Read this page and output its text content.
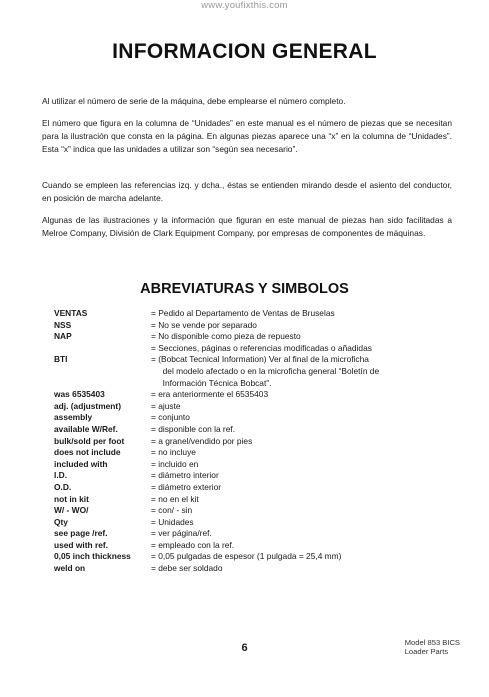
www.youfixthis.com
INFORMACION GENERAL
Al utilizar el número de serie de la máquina, debe emplearse el número completo.
El número que figura en la columna de “Unidades” en este manual es el número de piezas que se necesitan para la ilustración que consta en la página. En algunas piezas aparece una “x” en la columna de “Unidades”. Esta “x” indica que las unidades a utilizar son “según sea necesario”.
Cuando se empleen las referencias izq. y dcha., éstas se entienden mirando desde el asiento del conductor, en posición de marcha adelante.
Algunas de las ilustraciones y la información que figuran en este manual de piezas han sido facilitadas a Melroe Company, División de Clark Equipment Company, por empresas de componentes de máquinas.
ABREVIATURAS Y SIMBOLOS
VENTAS	= Pedido al Departamento de Ventas de Bruselas
NSS	= No se vende por separado
NAP	= No disponible como pieza de repuesto
= Secciones, páginas o referencias modificadas o añadidas
BTI	= (Bobcat Tecnical Information) Ver al final de la microficha
del modelo afectado o en la microficha general “Boletín de
Información Técnica Bobcat”.
was 6535403	= era anteriormente el 6535403
adj. (adjustment)	= ajuste
assembly	= conjunto
available W/Ref.	= disponible con la ref.
bulk/sold per foot	= a granel/vendido por pies
does not include	= no incluye
included with	= incluido en
I.D.	= diámetro interior
O.D.	= diámetro exterior
not in kit	= no en el kit
W/ - WO/	= con/ - sin
Qty	= Unidades
see page /ref.	= ver página/ref.
used with ref.	= empleado con la ref.
0,05 inch thickness	= 0,05 pulgadas de espesor (1 pulgada = 25,4 mm)
weld on	= debe ser soldado
6	Model 853 BICS
Loader Parts
